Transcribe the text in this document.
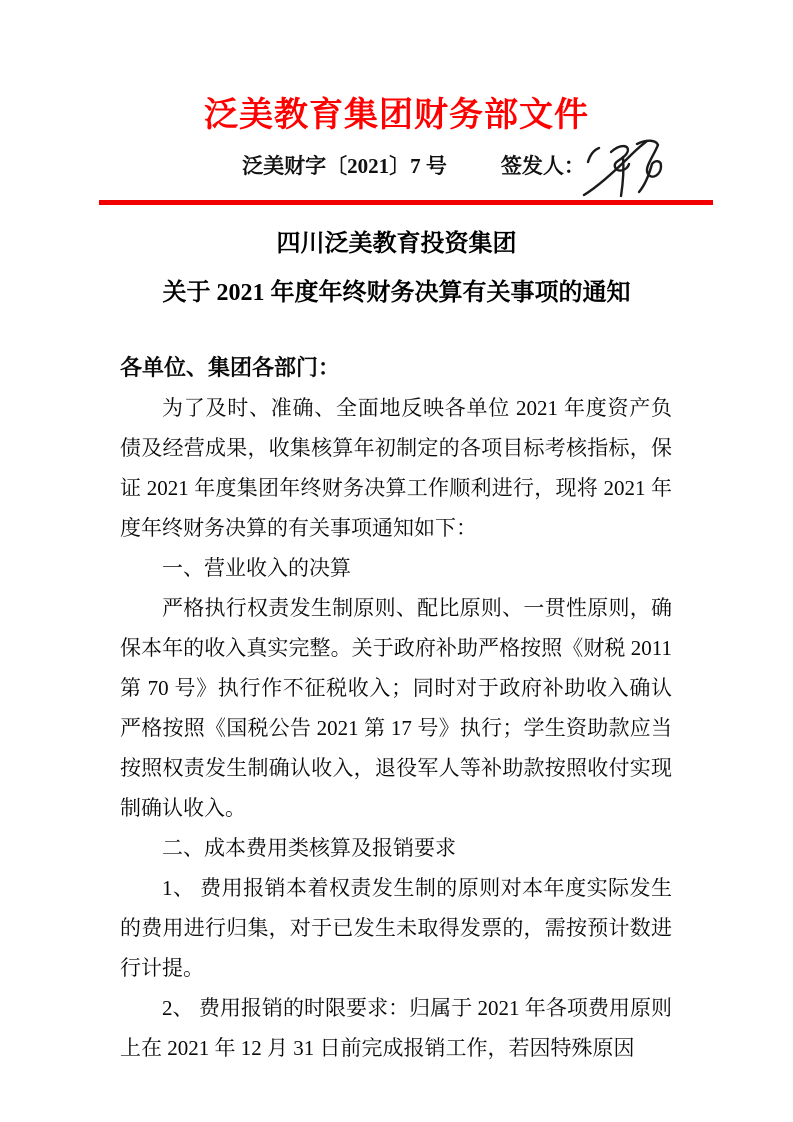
泛美教育集团财务部文件
泛美财字〔2021〕7 号	签发人：
四川泛美教育投资集团
关于 2021 年度年终财务决算有关事项的通知

各单位、集团各部门：

为了及时、准确、全面地反映各单位 2021 年度资产负债及经营成果，收集核算年初制定的各项目标考核指标，保证 2021 年度集团年终财务决算工作顺利进行，现将 2021 年度年终财务决算的有关事项通知如下：

一、营业收入的决算

严格执行权责发生制原则、配比原则、一贯性原则，确保本年的收入真实完整。关于政府补助严格按照《财税 2011 第 70 号》执行作不征税收入；同时对于政府补助收入确认严格按照《国税公告 2021 第 17 号》执行；学生资助款应当按照权责发生制确认收入，退役军人等补助款按照收付实现制确认收入。

二、成本费用类核算及报销要求

1、 费用报销本着权责发生制的原则对本年度实际发生的费用进行归集，对于已发生未取得发票的，需按预计数进行计提。

2、 费用报销的时限要求：归属于 2021 年各项费用原则上在 2021 年 12 月 31 日前完成报销工作，若因特殊原因
